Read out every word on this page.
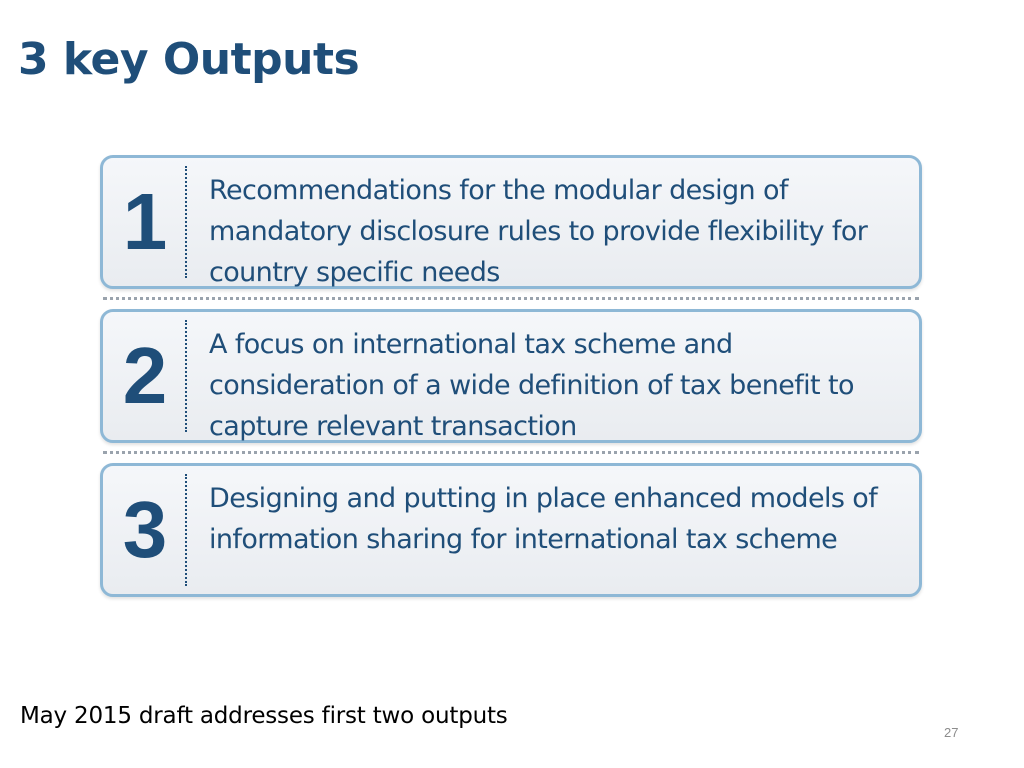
3 key Outputs
1	Recommendations for the modular design of mandatory disclosure rules to provide flexibility for country specific needs

2	A focus on international tax scheme and consideration of a wide definition of tax benefit to capture relevant transaction

3	Designing and putting in place enhanced models of information sharing for international tax scheme

May 2015 draft addresses first two outputs

27
